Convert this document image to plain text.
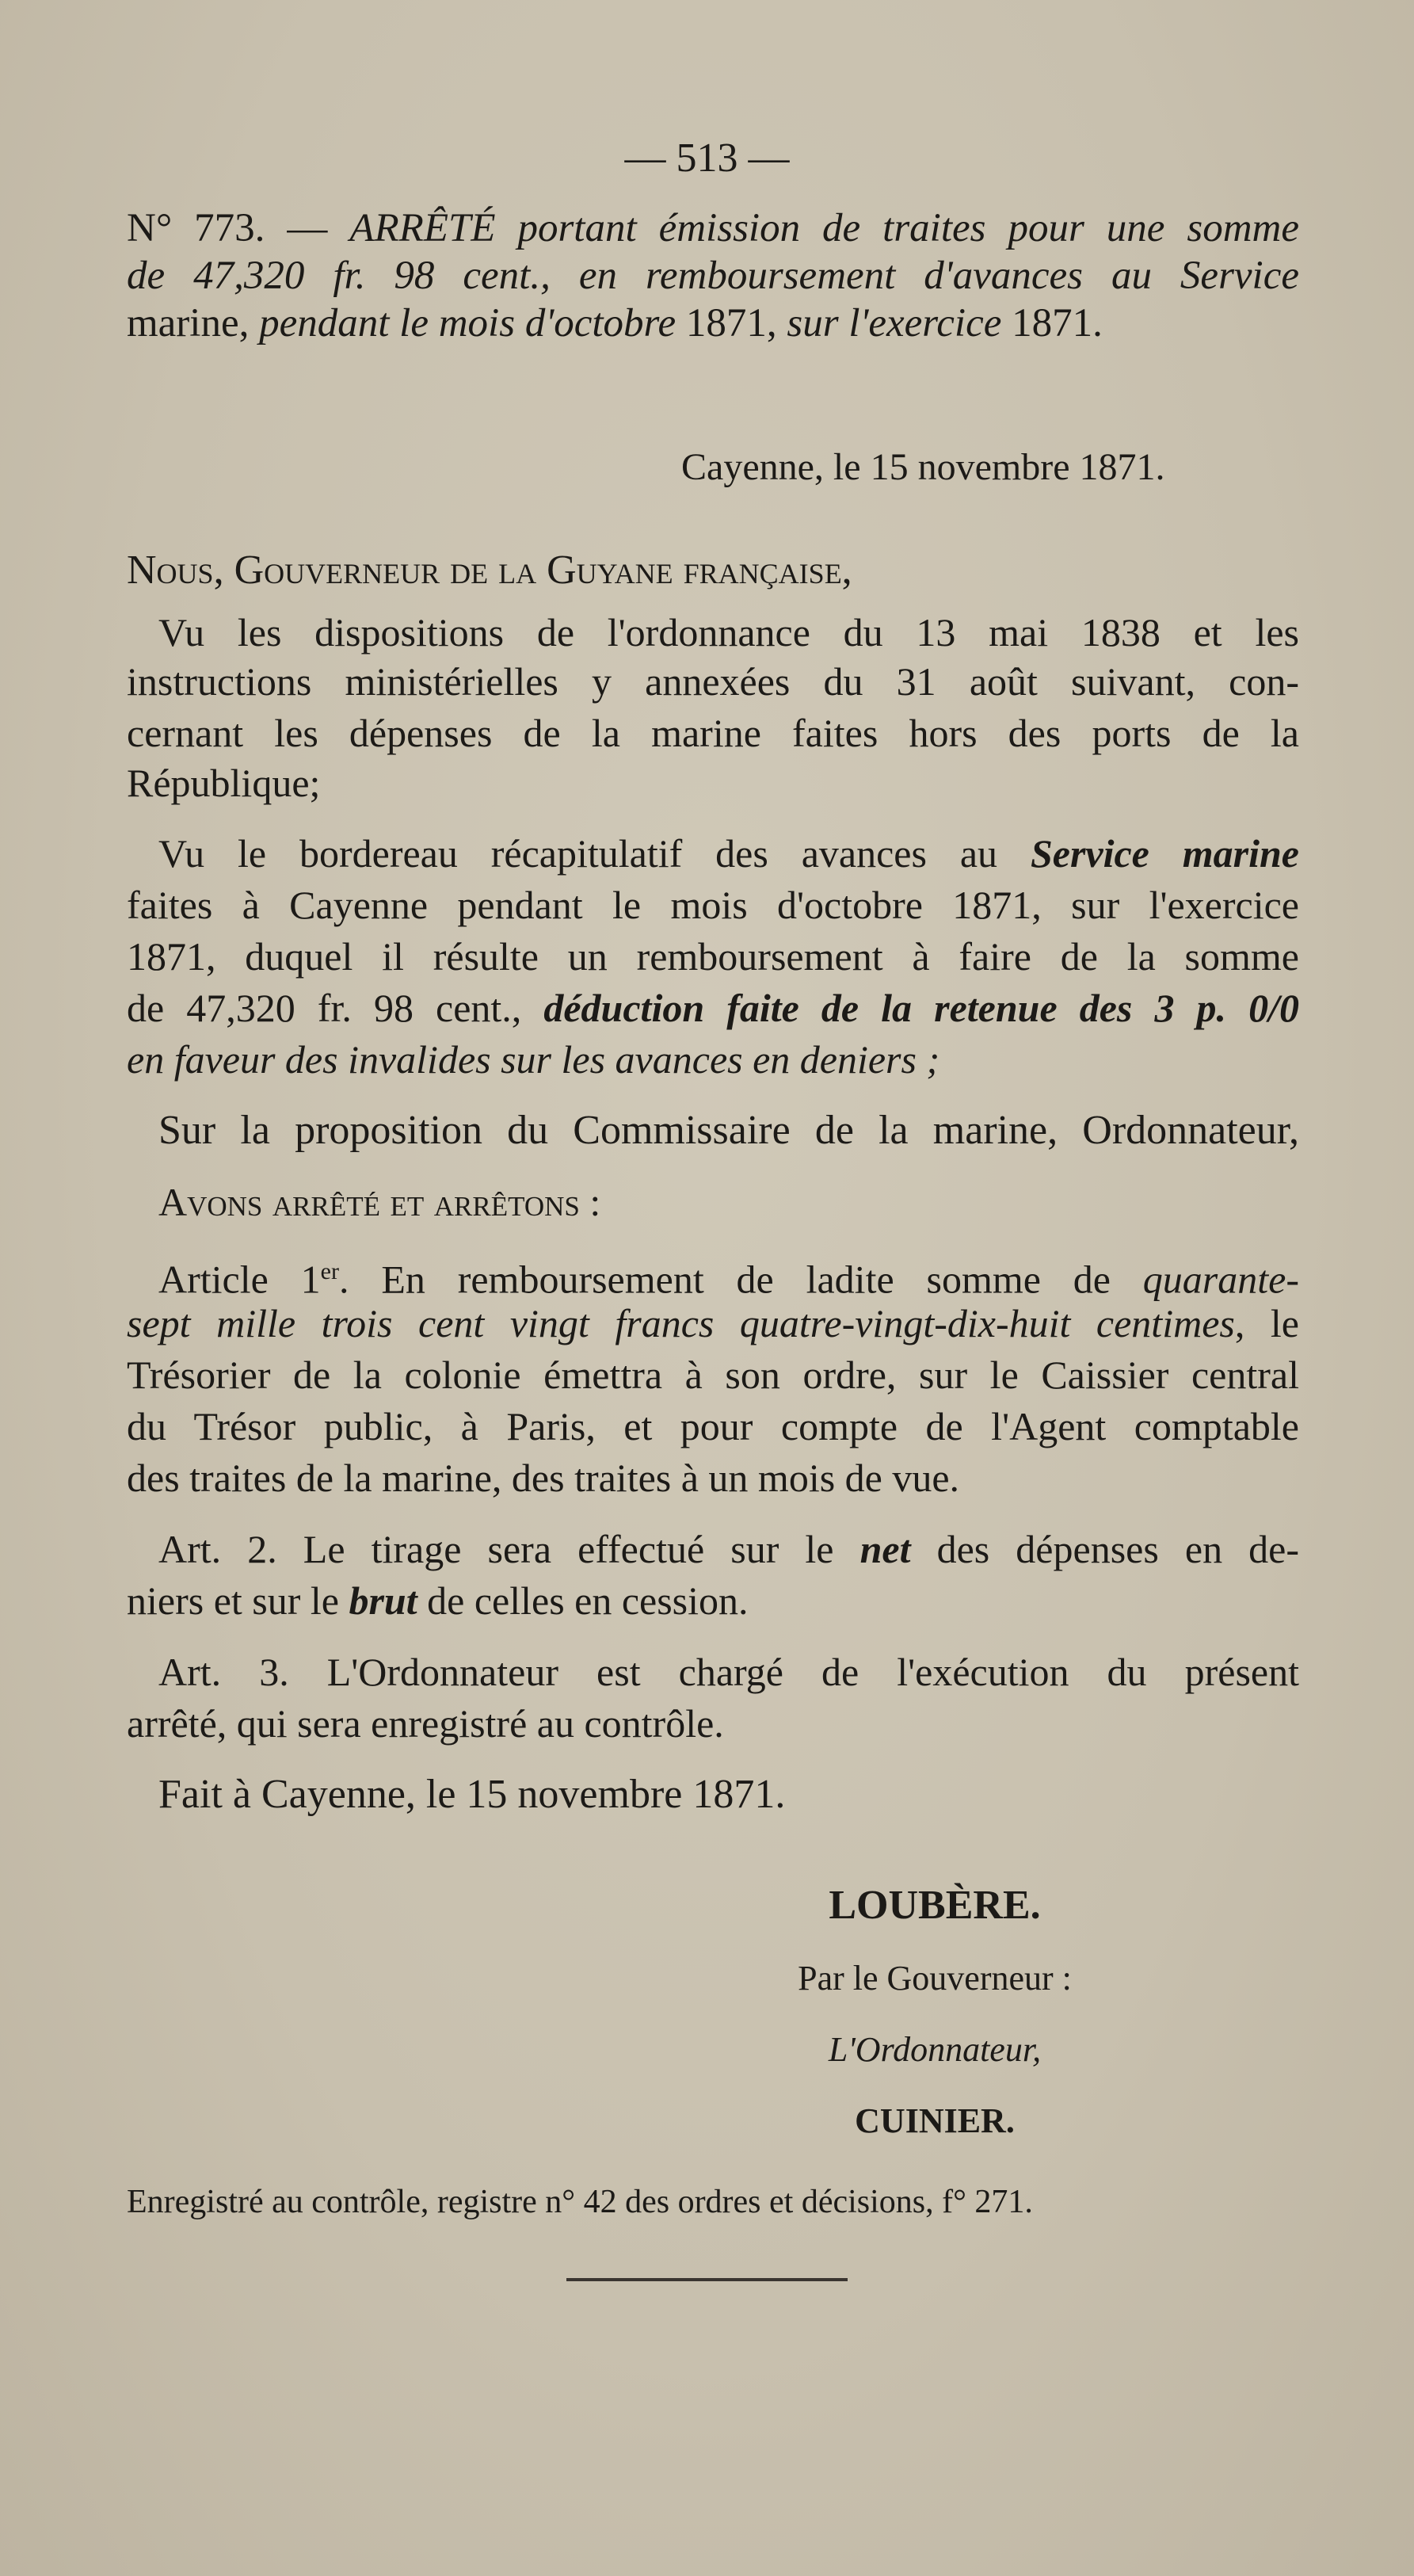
— 513 —
N° 773. — ARRÊTÉ portant émission de traites pour une somme
de 47,320 fr. 98 cent., en remboursement d'avances au Service
marine, pendant le mois d'octobre 1871, sur l'exercice 1871.
Cayenne, le 15 novembre 1871.
Nous, Gouverneur de la Guyane française,
Vu les dispositions de l'ordonnance du 13 mai 1838 et les
instructions ministérielles y annexées du 31 août suivant, con-
cernant les dépenses de la marine faites hors des ports de la
République;
Vu le bordereau récapitulatif des avances au Service marine
faites à Cayenne pendant le mois d'octobre 1871, sur l'exercice
1871, duquel il résulte un remboursement à faire de la somme
de 47,320 fr. 98 cent., déduction faite de la retenue des 3 p. 0/0
en faveur des invalides sur les avances en deniers ;
Sur la proposition du Commissaire de la marine, Ordonnateur,
Avons arrêté et arrêtons :
Article 1er. En remboursement de ladite somme de quarante-
sept mille trois cent vingt francs quatre-vingt-dix-huit centimes, le
Trésorier de la colonie émettra à son ordre, sur le Caissier central
du Trésor public, à Paris, et pour compte de l'Agent comptable
des traites de la marine, des traites à un mois de vue.
Art. 2. Le tirage sera effectué sur le net des dépenses en de-
niers et sur le brut de celles en cession.
Art. 3. L'Ordonnateur est chargé de l'exécution du présent
arrêté, qui sera enregistré au contrôle.
Fait à Cayenne, le 15 novembre 1871.
LOUBÈRE.
Par le Gouverneur :
L'Ordonnateur,
CUINIER.
Enregistré au contrôle, registre n° 42 des ordres et décisions, f° 271.
